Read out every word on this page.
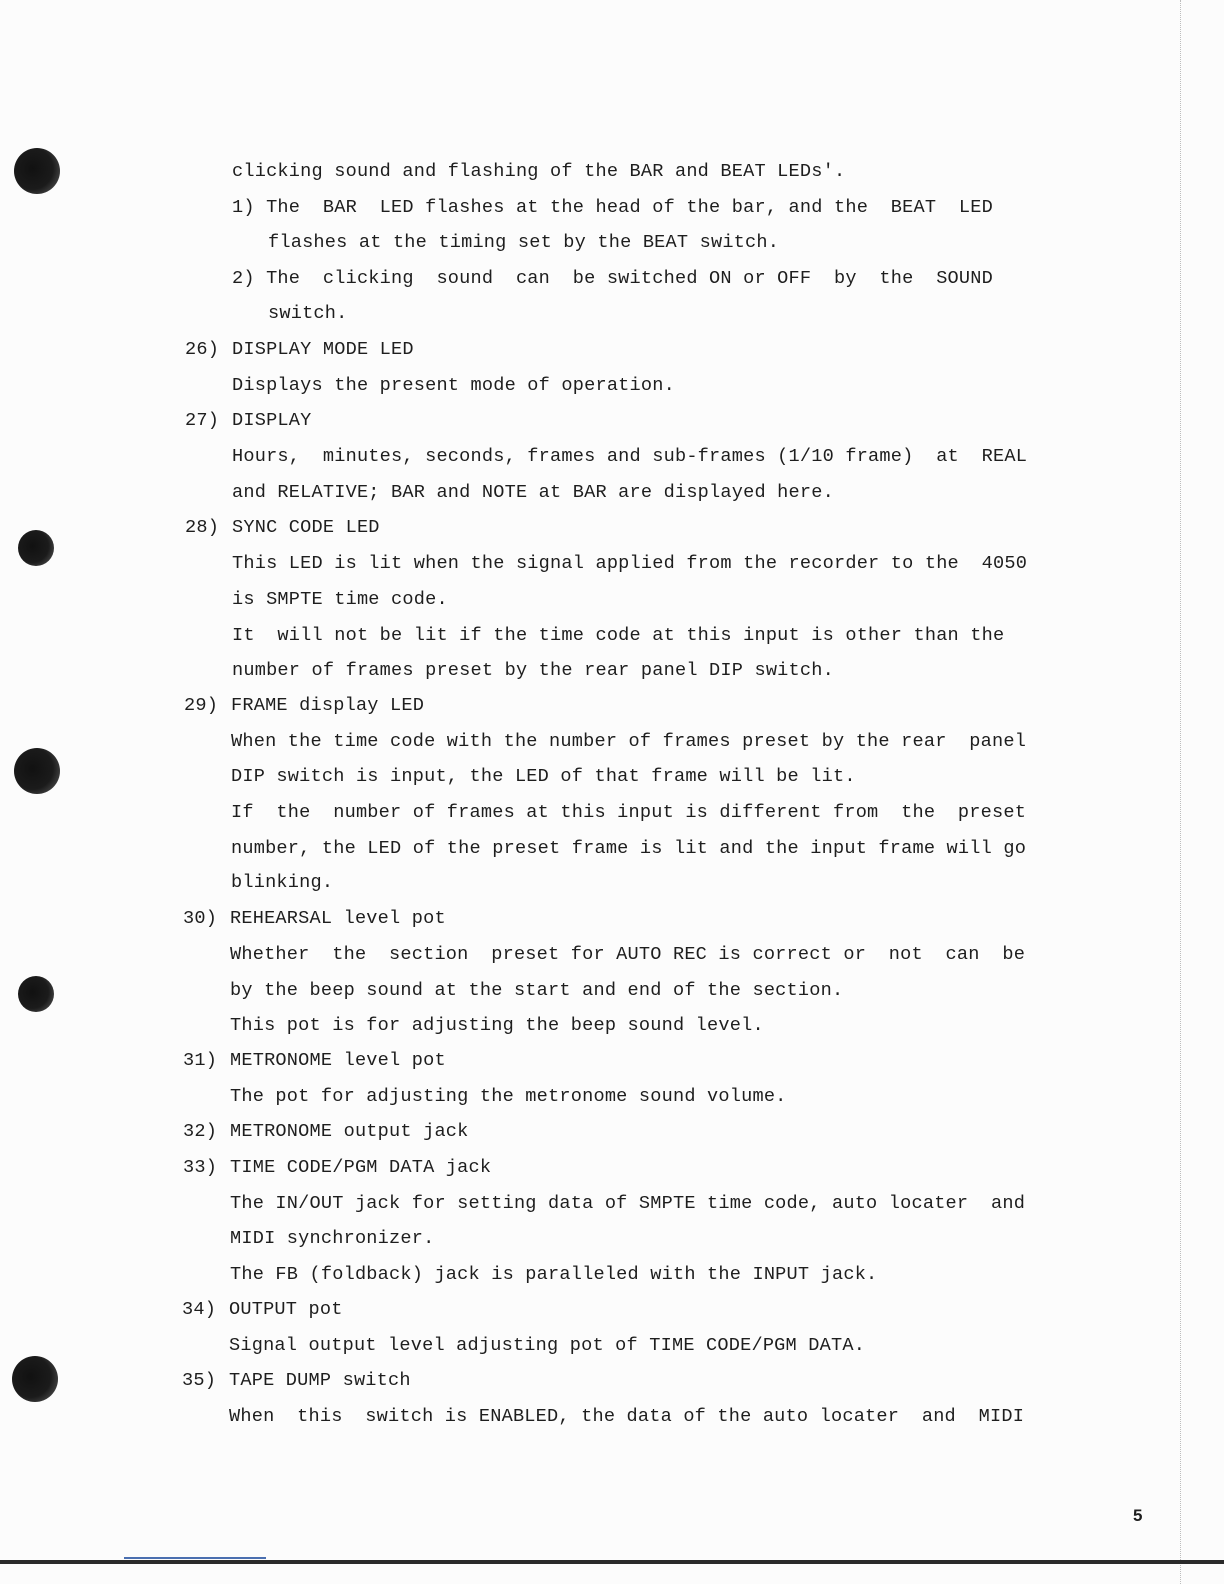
clicking sound and flashing of the BAR and BEAT LEDs'.
1) The  BAR  LED flashes at the head of the bar, and the  BEAT  LED
flashes at the timing set by the BEAT switch.
2) The  clicking  sound  can  be switched ON or OFF  by  the  SOUND
switch.
26) DISPLAY MODE LED
Displays the present mode of operation.
27) DISPLAY
Hours,  minutes, seconds, frames and sub-frames (1/10 frame)  at  REAL
and RELATIVE; BAR and NOTE at BAR are displayed here.
28) SYNC CODE LED
This LED is lit when the signal applied from the recorder to the  4050
is SMPTE time code.
It  will not be lit if the time code at this input is other than the
number of frames preset by the rear panel DIP switch.
29) FRAME display LED
When the time code with the number of frames preset by the rear  panel
DIP switch is input, the LED of that frame will be lit.
If  the  number of frames at this input is different from  the  preset
number, the LED of the preset frame is lit and the input frame will go
blinking.
30) REHEARSAL level pot
Whether  the  section  preset for AUTO REC is correct or  not  can  be
by the beep sound at the start and end of the section.
This pot is for adjusting the beep sound level.
31) METRONOME level pot
The pot for adjusting the metronome sound volume.
32) METRONOME output jack
33) TIME CODE/PGM DATA jack
The IN/OUT jack for setting data of SMPTE time code, auto locater  and
MIDI synchronizer.
The FB (foldback) jack is paralleled with the INPUT jack.
34) OUTPUT pot
Signal output level adjusting pot of TIME CODE/PGM DATA.
35) TAPE DUMP switch
When  this  switch is ENABLED, the data of the auto locater  and  MIDI
5
